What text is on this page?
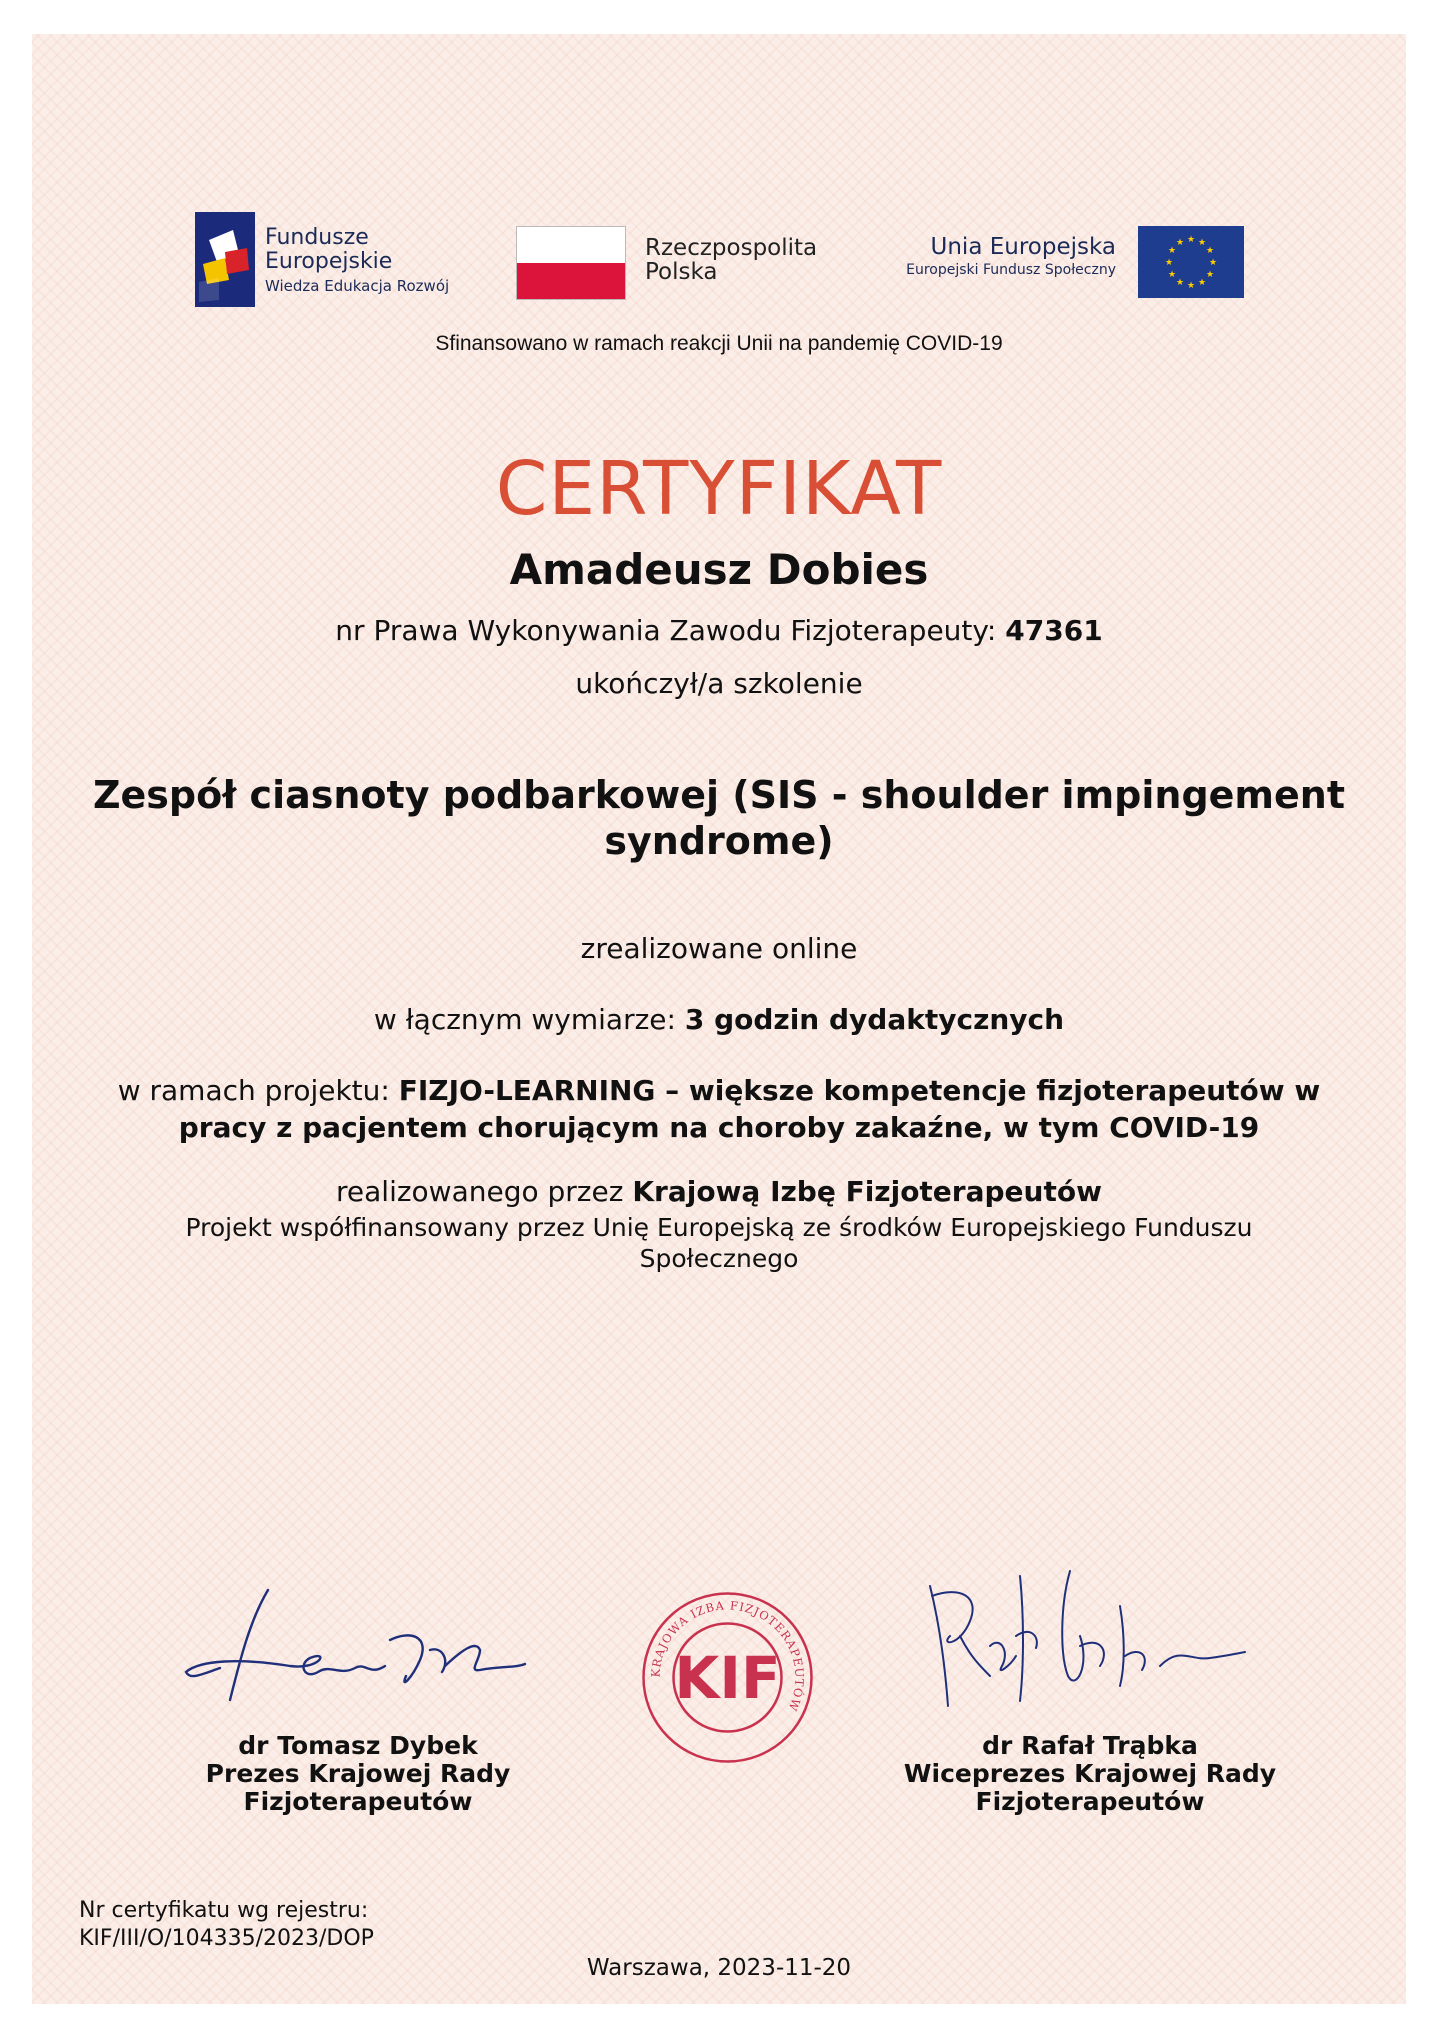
Fundusze
Europejskie
Wiedza Edukacja Rozwój
Rzeczpospolita
Polska
Unia Europejska
Europejski Fundusz Społeczny
★ ★
★
★
★
★
★
★
★
★
★
★
Sfinansowano w ramach reakcji Unii na pandemię COVID-19
CERTYFIKAT
Amadeusz Dobies
nr Prawa Wykonywania Zawodu Fizjoterapeuty: 47361
ukończył/a szkolenie
Zespół ciasnoty podbarkowej (SIS - shoulder impingement syndrome)
zrealizowane online
w łącznym wymiarze: 3 godzin dydaktycznych
w ramach projektu: FIZJO-LEARNING – większe kompetencje fizjoterapeutów w pracy z pacjentem chorującym na choroby zakaźne, w tym COVID-19
realizowanego przez Krajową Izbę Fizjoterapeutów
Projekt współfinansowany przez Unię Europejską ze środków Europejskiego Funduszu Społecznego
KRAJOWA IZBA FIZJOTERAPEUTÓW
KIF
dr Tomasz Dybek
Prezes Krajowej Rady
Fizjoterapeutów
dr Rafał Trąbka
Wiceprezes Krajowej Rady
Fizjoterapeutów
Nr certyfikatu wg rejestru:
KIF/III/O/104335/2023/DOP
Warszawa, 2023-11-20
